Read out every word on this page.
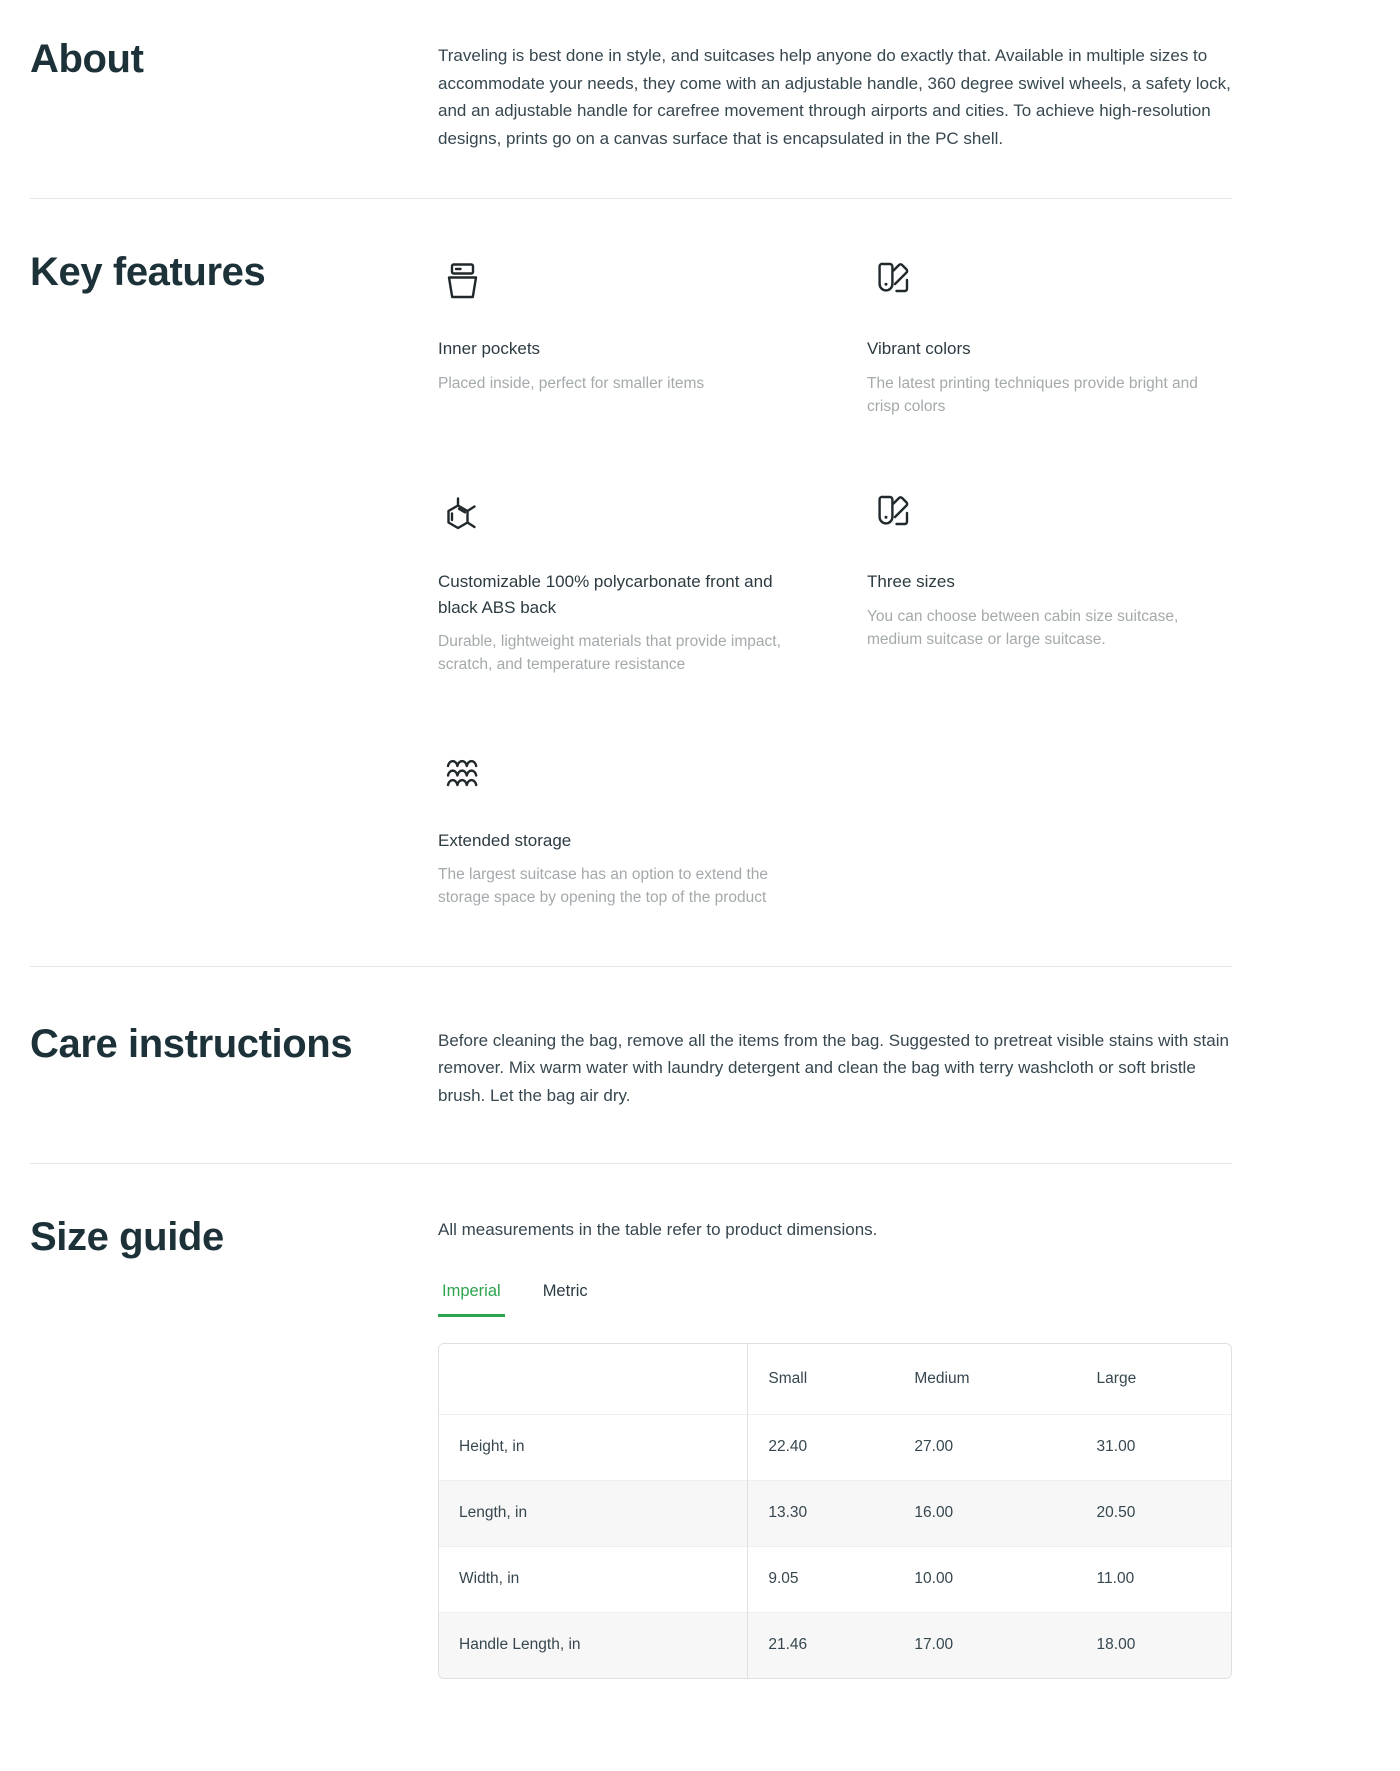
About	Traveling is best done in style, and suitcases help anyone do exactly that. Available in multiple sizes to accommodate your needs, they come with an adjustable handle, 360 degree swivel wheels, a safety lock, and an adjustable handle for carefree movement through airports and cities. To achieve high-resolution designs, prints go on a canvas surface that is encapsulated in the PC shell.

Key features
Inner pockets

Placed inside, perfect for smaller items

Vibrant colors

The latest printing techniques provide bright and crisp colors

Customizable 100% polycarbonate front and black ABS back

Durable, lightweight materials that provide impact, scratch, and temperature resistance

Three sizes

You can choose between cabin size suitcase, medium suitcase or large suitcase.

Extended storage

The largest suitcase has an option to extend the storage space by opening the top of the product

Care instructions	Before cleaning the bag, remove all the items from the bag. Suggested to pretreat visible stains with stain remover. Mix warm water with laundry detergent and clean the bag with terry washcloth or soft bristle brush. Let the bag air dry.

Size guide	All measurements in the table refer to product dimensions.

Imperial	Metric
	Small	Medium	Large
Height, in	22.40	27.00	31.00
Length, in	13.30	16.00	20.50
Width, in	9.05	10.00	11.00
Handle Length, in	21.46	17.00	18.00
